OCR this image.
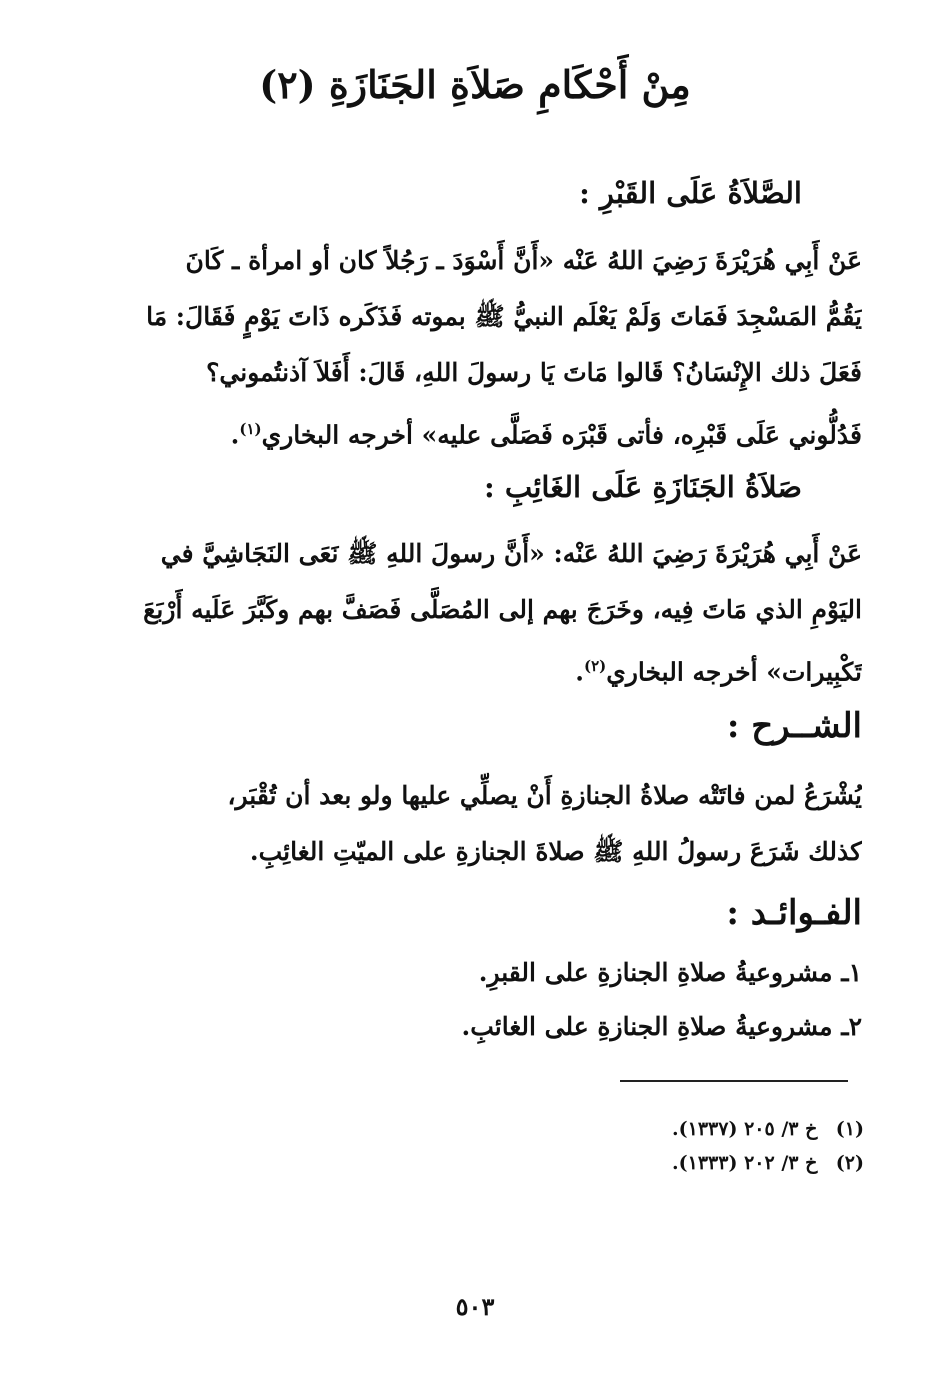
مِنْ أَحْكَامِ صَلاَةِ الجَنَازَةِ (٢)
الصَّلاَةُ عَلَى القَبْرِ :
عَنْ أَبِي هُرَيْرَةَ رَضِيَ اللهُ عَنْه «أَنَّ أَسْوَدَ ـ رَجُلاً كان أو امرأة ـ كَانَ
يَقُمُّ المَسْجِدَ فَمَاتَ وَلَمْ يَعْلَم النبيُّ ﷺ بموته فَذَكَره ذَاتَ يَوْمٍ فَقَالَ: مَا
فَعَلَ ذلك الإِنْسَانُ؟ قَالوا مَاتَ يَا رسولَ اللهِ، قَالَ: أَفَلاَ آذنتُموني؟
فَدُلُّوني عَلَى قَبْرِه، فأتى قَبْرَه فَصَلَّى عليه» أخرجه البخاري$^{(١)}$.
صَلاَةُ الجَنَازَةِ عَلَى الغَائِبِ :
عَنْ أَبِي هُرَيْرَةَ رَضِيَ اللهُ عَنْه: «أَنَّ رسولَ اللهِ ﷺ نَعَى النَجَاشِيَّ في
اليَوْمِ الذي مَاتَ فِيه، وخَرَجَ بهم إلى المُصَلَّى فَصَفَّ بهم وكَبَّرَ عَلَيه أَرْبَعَ
تَكْبِيرات» أخرجه البخاري$^{(٢)}$.
الشــرح :
يُشْرَعُ لمن فاتَتْه صلاةُ الجنازةِ أَنْ يصلِّي عليها ولو بعد أن تُقْبَر،
كذلك شَرَعَ رسولُ اللهِ ﷺ صلاةَ الجنازةِ على الميّتِ الغائِبِ.
الفـوائـد :
١ـ مشروعيةُ صلاةِ الجنازةِ على القبرِ.
٢ـ مشروعيةُ صلاةِ الجنازةِ على الغائبِ.
(١) خ ٣/ ٢٠٥ (١٣٣٧).
(٢) خ ٣/ ٢٠٢ (١٣٣٣).
٥٠٣
